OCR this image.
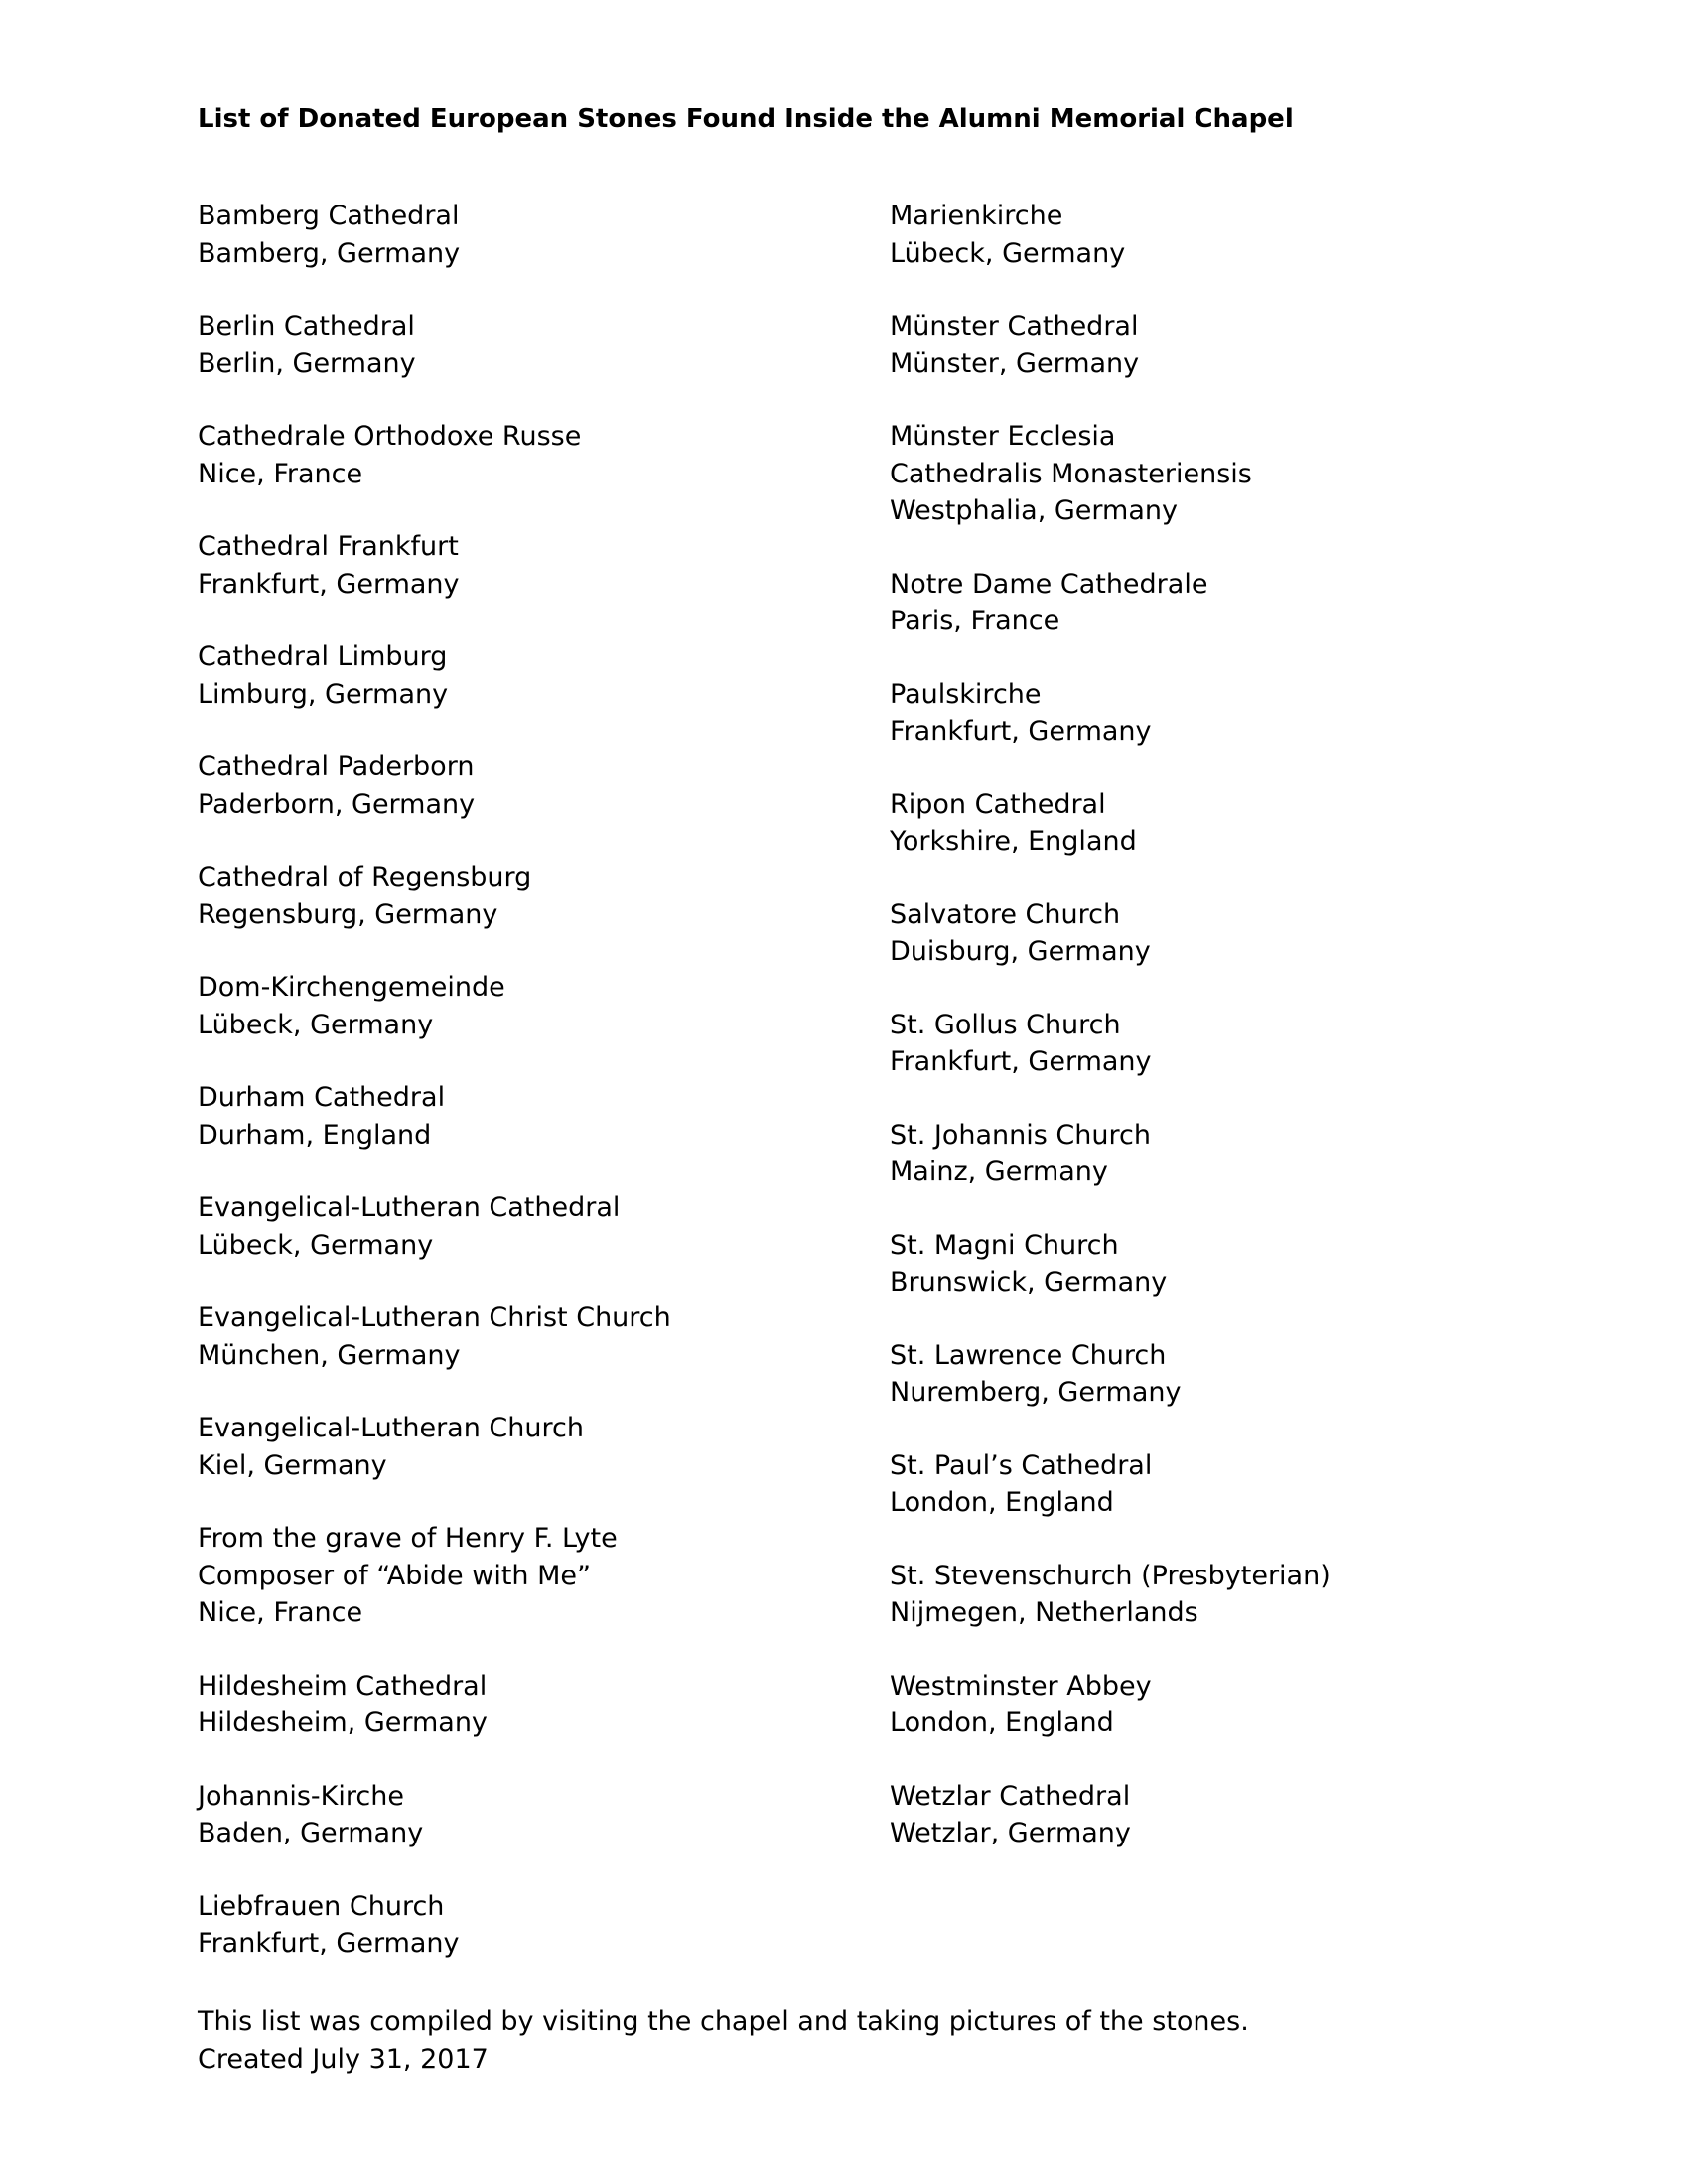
List of Donated European Stones Found Inside the Alumni Memorial Chapel
Bamberg Cathedral
Bamberg, Germany
Berlin Cathedral
Berlin, Germany
Cathedrale Orthodoxe Russe
Nice, France
Cathedral Frankfurt
Frankfurt, Germany
Cathedral Limburg
Limburg, Germany
Cathedral Paderborn
Paderborn, Germany
Cathedral of Regensburg
Regensburg, Germany
Dom-Kirchengemeinde
Lübeck, Germany
Durham Cathedral
Durham, England
Evangelical-Lutheran Cathedral
Lübeck, Germany
Evangelical-Lutheran Christ Church
München, Germany
Evangelical-Lutheran Church
Kiel, Germany
From the grave of Henry F. Lyte
Composer of “Abide with Me”
Nice, France
Hildesheim Cathedral
Hildesheim, Germany
Johannis-Kirche
Baden, Germany
Liebfrauen Church
Frankfurt, Germany
Marienkirche
Lübeck, Germany
Münster Cathedral
Münster, Germany
Münster Ecclesia
Cathedralis Monasteriensis
Westphalia, Germany
Notre Dame Cathedrale
Paris, France
Paulskirche
Frankfurt, Germany
Ripon Cathedral
Yorkshire, England
Salvatore Church
Duisburg, Germany
St. Gollus Church
Frankfurt, Germany
St. Johannis Church
Mainz, Germany
St. Magni Church
Brunswick, Germany
St. Lawrence Church
Nuremberg, Germany
St. Paul’s Cathedral
London, England
St. Stevenschurch (Presbyterian)
Nijmegen, Netherlands
Westminster Abbey
London, England
Wetzlar Cathedral
Wetzlar, Germany
This list was compiled by visiting the chapel and taking pictures of the stones.
Created July 31, 2017
